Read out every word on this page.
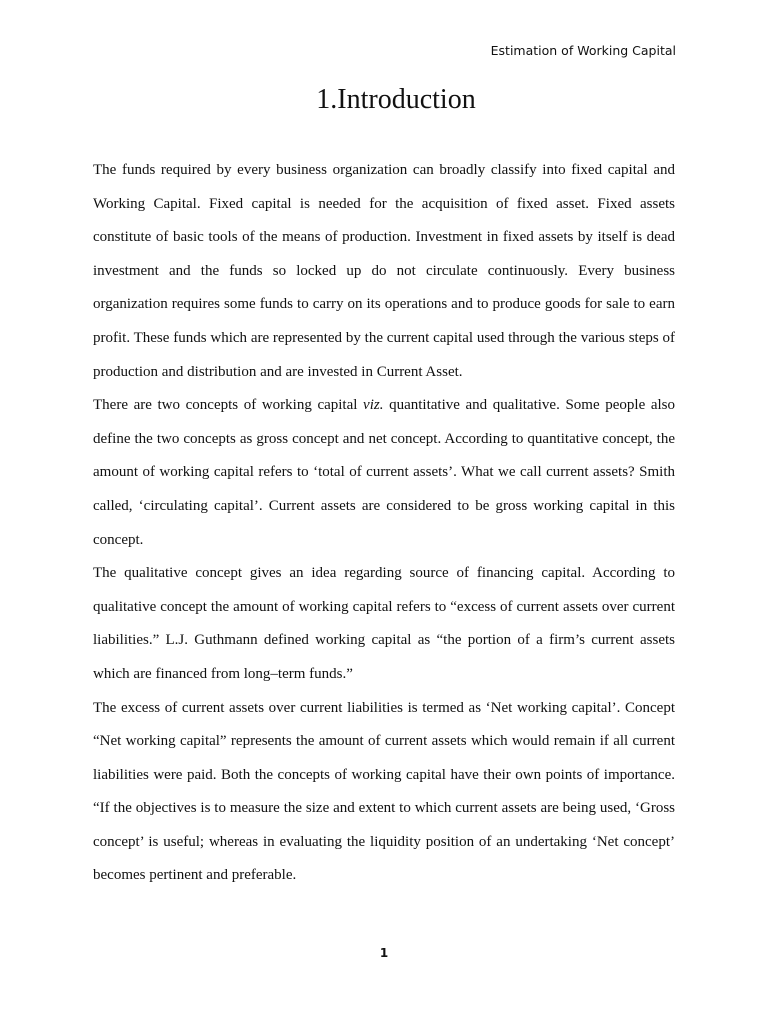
Estimation of Working Capital
1.Introduction

The funds required by every business organization can broadly classify into fixed capital and Working Capital. Fixed capital is needed for the acquisition of fixed asset. Fixed assets constitute of basic tools of the means of production. Investment in fixed assets by itself is dead investment and the funds so locked up do not circulate continuously. Every business organization requires some funds to carry on its operations and to produce goods for sale to earn profit. These funds which are represented by the current capital used through the various steps of production and distribution and are invested in Current Asset.

There are two concepts of working capital viz. quantitative and qualitative. Some people also define the two concepts as gross concept and net concept. According to quantitative concept, the amount of working capital refers to ‘total of current assets’. What we call current assets? Smith called, ‘circulating capital’. Current assets are considered to be gross working capital in this concept.

The qualitative concept gives an idea regarding source of financing capital. According to qualitative concept the amount of working capital refers to “excess of current assets over current liabilities.” L.J. Guthmann defined working capital as “the portion of a firm’s current assets which are financed from long–term funds.”

The excess of current assets over current liabilities is termed as ‘Net working capital’. Concept “Net working capital” represents the amount of current assets which would remain if all current liabilities were paid. Both the concepts of working capital have their own points of importance. “If the objectives is to measure the size and extent to which current assets are being used, ‘Gross concept’ is useful; whereas in evaluating the liquidity position of an undertaking ‘Net concept’ becomes pertinent and preferable.

1
